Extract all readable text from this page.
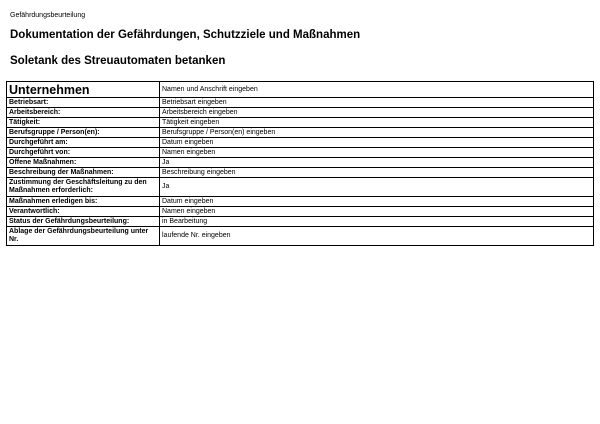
Gefährdungsbeurteilung
Dokumentation der Gefährdungen, Schutzziele und Maßnahmen
Soletank des Streuautomaten betanken
Unternehmen	Namen und Anschrift eingeben
Betriebsart:	Betriebsart eingeben
Arbeitsbereich:	Arbeitsbereich eingeben
Tätigkeit:	Tätigkeit eingeben
Berufsgruppe / Person(en):	Berufsgruppe / Person(en) eingeben
Durchgeführt am:	Datum eingeben
Durchgeführt von:	Namen eingeben
Offene Maßnahmen:	Ja
Beschreibung der Maßnahmen:	Beschreibung eingeben
Zustimmung der Geschäftsleitung zu den Maßnahmen erforderlich:	Ja
Maßnahmen erledigen bis:	Datum eingeben
Verantwortlich:	Namen eingeben
Status der Gefährdungsbeurteilung:	in Bearbeitung
Ablage der Gefährdungsbeurteilung unter Nr.	laufende Nr. eingeben
